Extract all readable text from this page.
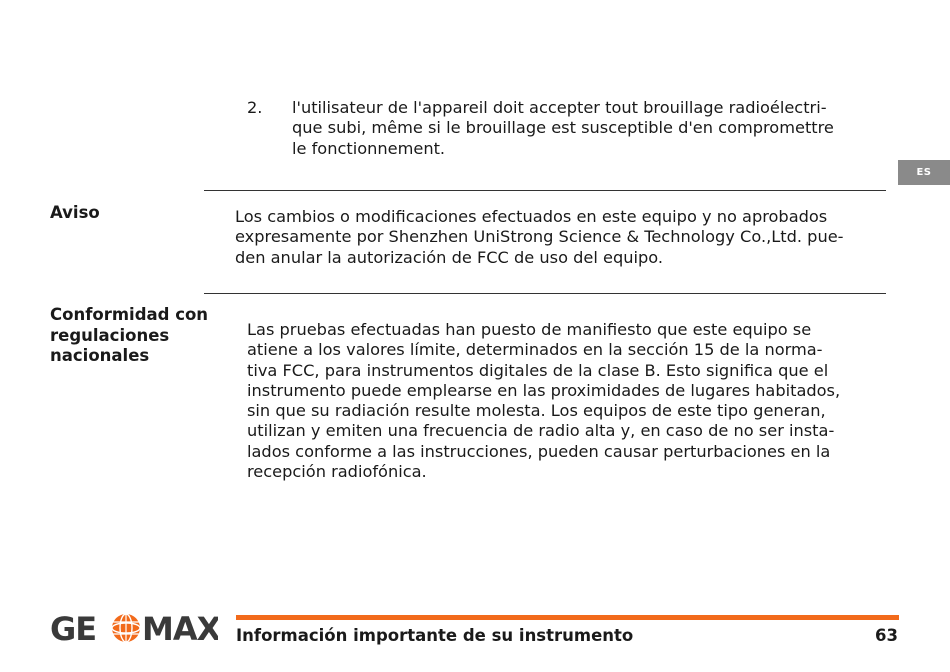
2. l'utilisateur de l'appareil doit accepter tout brouillage radioélectri-
que subi, même si le brouillage est susceptible d'en compromettre
le fonctionnement.
ES
Aviso	Los cambios o modificaciones efectuados en este equipo y no aprobados
expresamente por Shenzhen UniStrong Science & Technology Co.,Ltd. pue-
den anular la autorización de FCC de uso del equipo.
Conformidad con
regulaciones
nacionales
Las pruebas efectuadas han puesto de manifiesto que este equipo se
atiene a los valores límite, determinados en la sección 15 de la norma-
tiva FCC, para instrumentos digitales de la clase B. Esto significa que el
instrumento puede emplearse en las proximidades de lugares habitados,
sin que su radiación resulte molesta. Los equipos de este tipo generan,
utilizan y emiten una frecuencia de radio alta y, en caso de no ser insta-
lados conforme a las instrucciones, pueden causar perturbaciones en la
recepción radiofónica.
GE MAX Información importante de su instrumento	63
